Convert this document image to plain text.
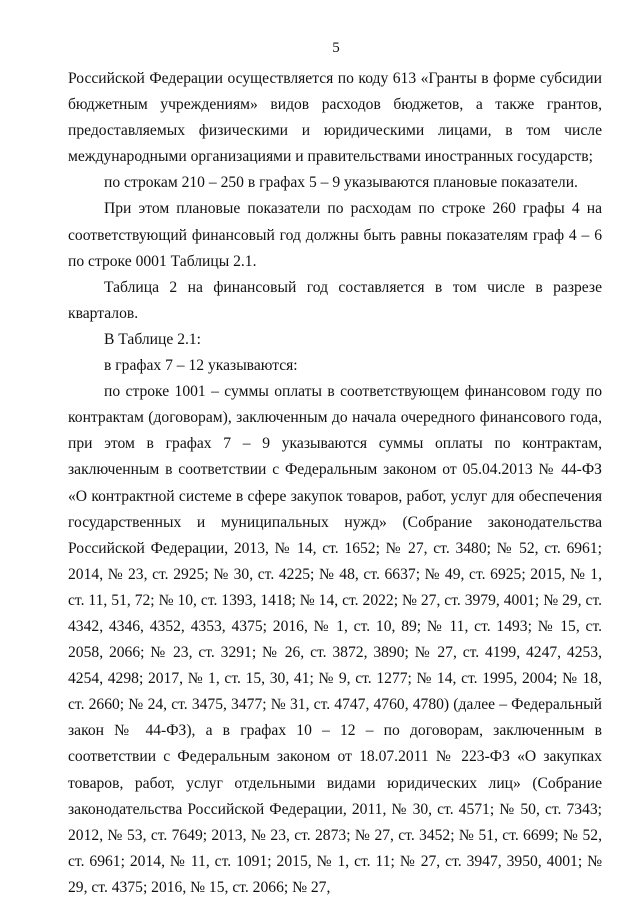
5

Российской Федерации осуществляется по коду 613 «Гранты в форме субсидии бюджетным учреждениям» видов расходов бюджетов, а также грантов, предоставляемых физическими и юридическими лицами, в том числе международными организациями и правительствами иностранных государств;

по строкам 210 – 250 в графах 5 – 9 указываются плановые показатели.

При этом плановые показатели по расходам по строке 260 графы 4 на соответствующий финансовый год должны быть равны показателям граф 4 – 6 по строке 0001 Таблицы 2.1.

Таблица 2 на финансовый год составляется в том числе в разрезе кварталов.

В Таблице 2.1:

в графах 7 – 12 указываются:

по строке 1001 – суммы оплаты в соответствующем финансовом году по контрактам (договорам), заключенным до начала очередного финансового года, при этом в графах 7 – 9 указываются суммы оплаты по контрактам, заключенным в соответствии с Федеральным законом от 05.04.2013 № 44-ФЗ «О контрактной системе в сфере закупок товаров, работ, услуг для обеспечения государственных и муниципальных нужд» (Собрание законодательства Российской Федерации, 2013, № 14, ст. 1652; № 27, ст. 3480; № 52, ст. 6961; 2014, № 23, ст. 2925; № 30, ст. 4225; № 48, ст. 6637; № 49, ст. 6925; 2015, № 1, ст. 11, 51, 72; № 10, ст. 1393, 1418; № 14, ст. 2022; № 27, ст. 3979, 4001; № 29, ст. 4342, 4346, 4352, 4353, 4375; 2016, № 1, ст. 10, 89; № 11, ст. 1493; № 15, ст. 2058, 2066; № 23, ст. 3291; № 26, ст. 3872, 3890; № 27, ст. 4199, 4247, 4253, 4254, 4298; 2017, № 1, ст. 15, 30, 41; № 9, ст. 1277; № 14, ст. 1995, 2004; № 18, ст. 2660; № 24, ст. 3475, 3477; № 31, ст. 4747, 4760, 4780) (далее – Федеральный закон № 44-ФЗ), а в графах 10 – 12 – по договорам, заключенным в соответствии с Федеральным законом от 18.07.2011 № 223-ФЗ «О закупках товаров, работ, услуг отдельными видами юридических лиц» (Собрание законодательства Российской Федерации, 2011, № 30, ст. 4571; № 50, ст. 7343; 2012, № 53, ст. 7649; 2013, № 23, ст. 2873; № 27, ст. 3452; № 51, ст. 6699; № 52, ст. 6961; 2014, № 11, ст. 1091; 2015, № 1, ст. 11; № 27, ст. 3947, 3950, 4001; № 29, ст. 4375; 2016, № 15, ст. 2066; № 27,
